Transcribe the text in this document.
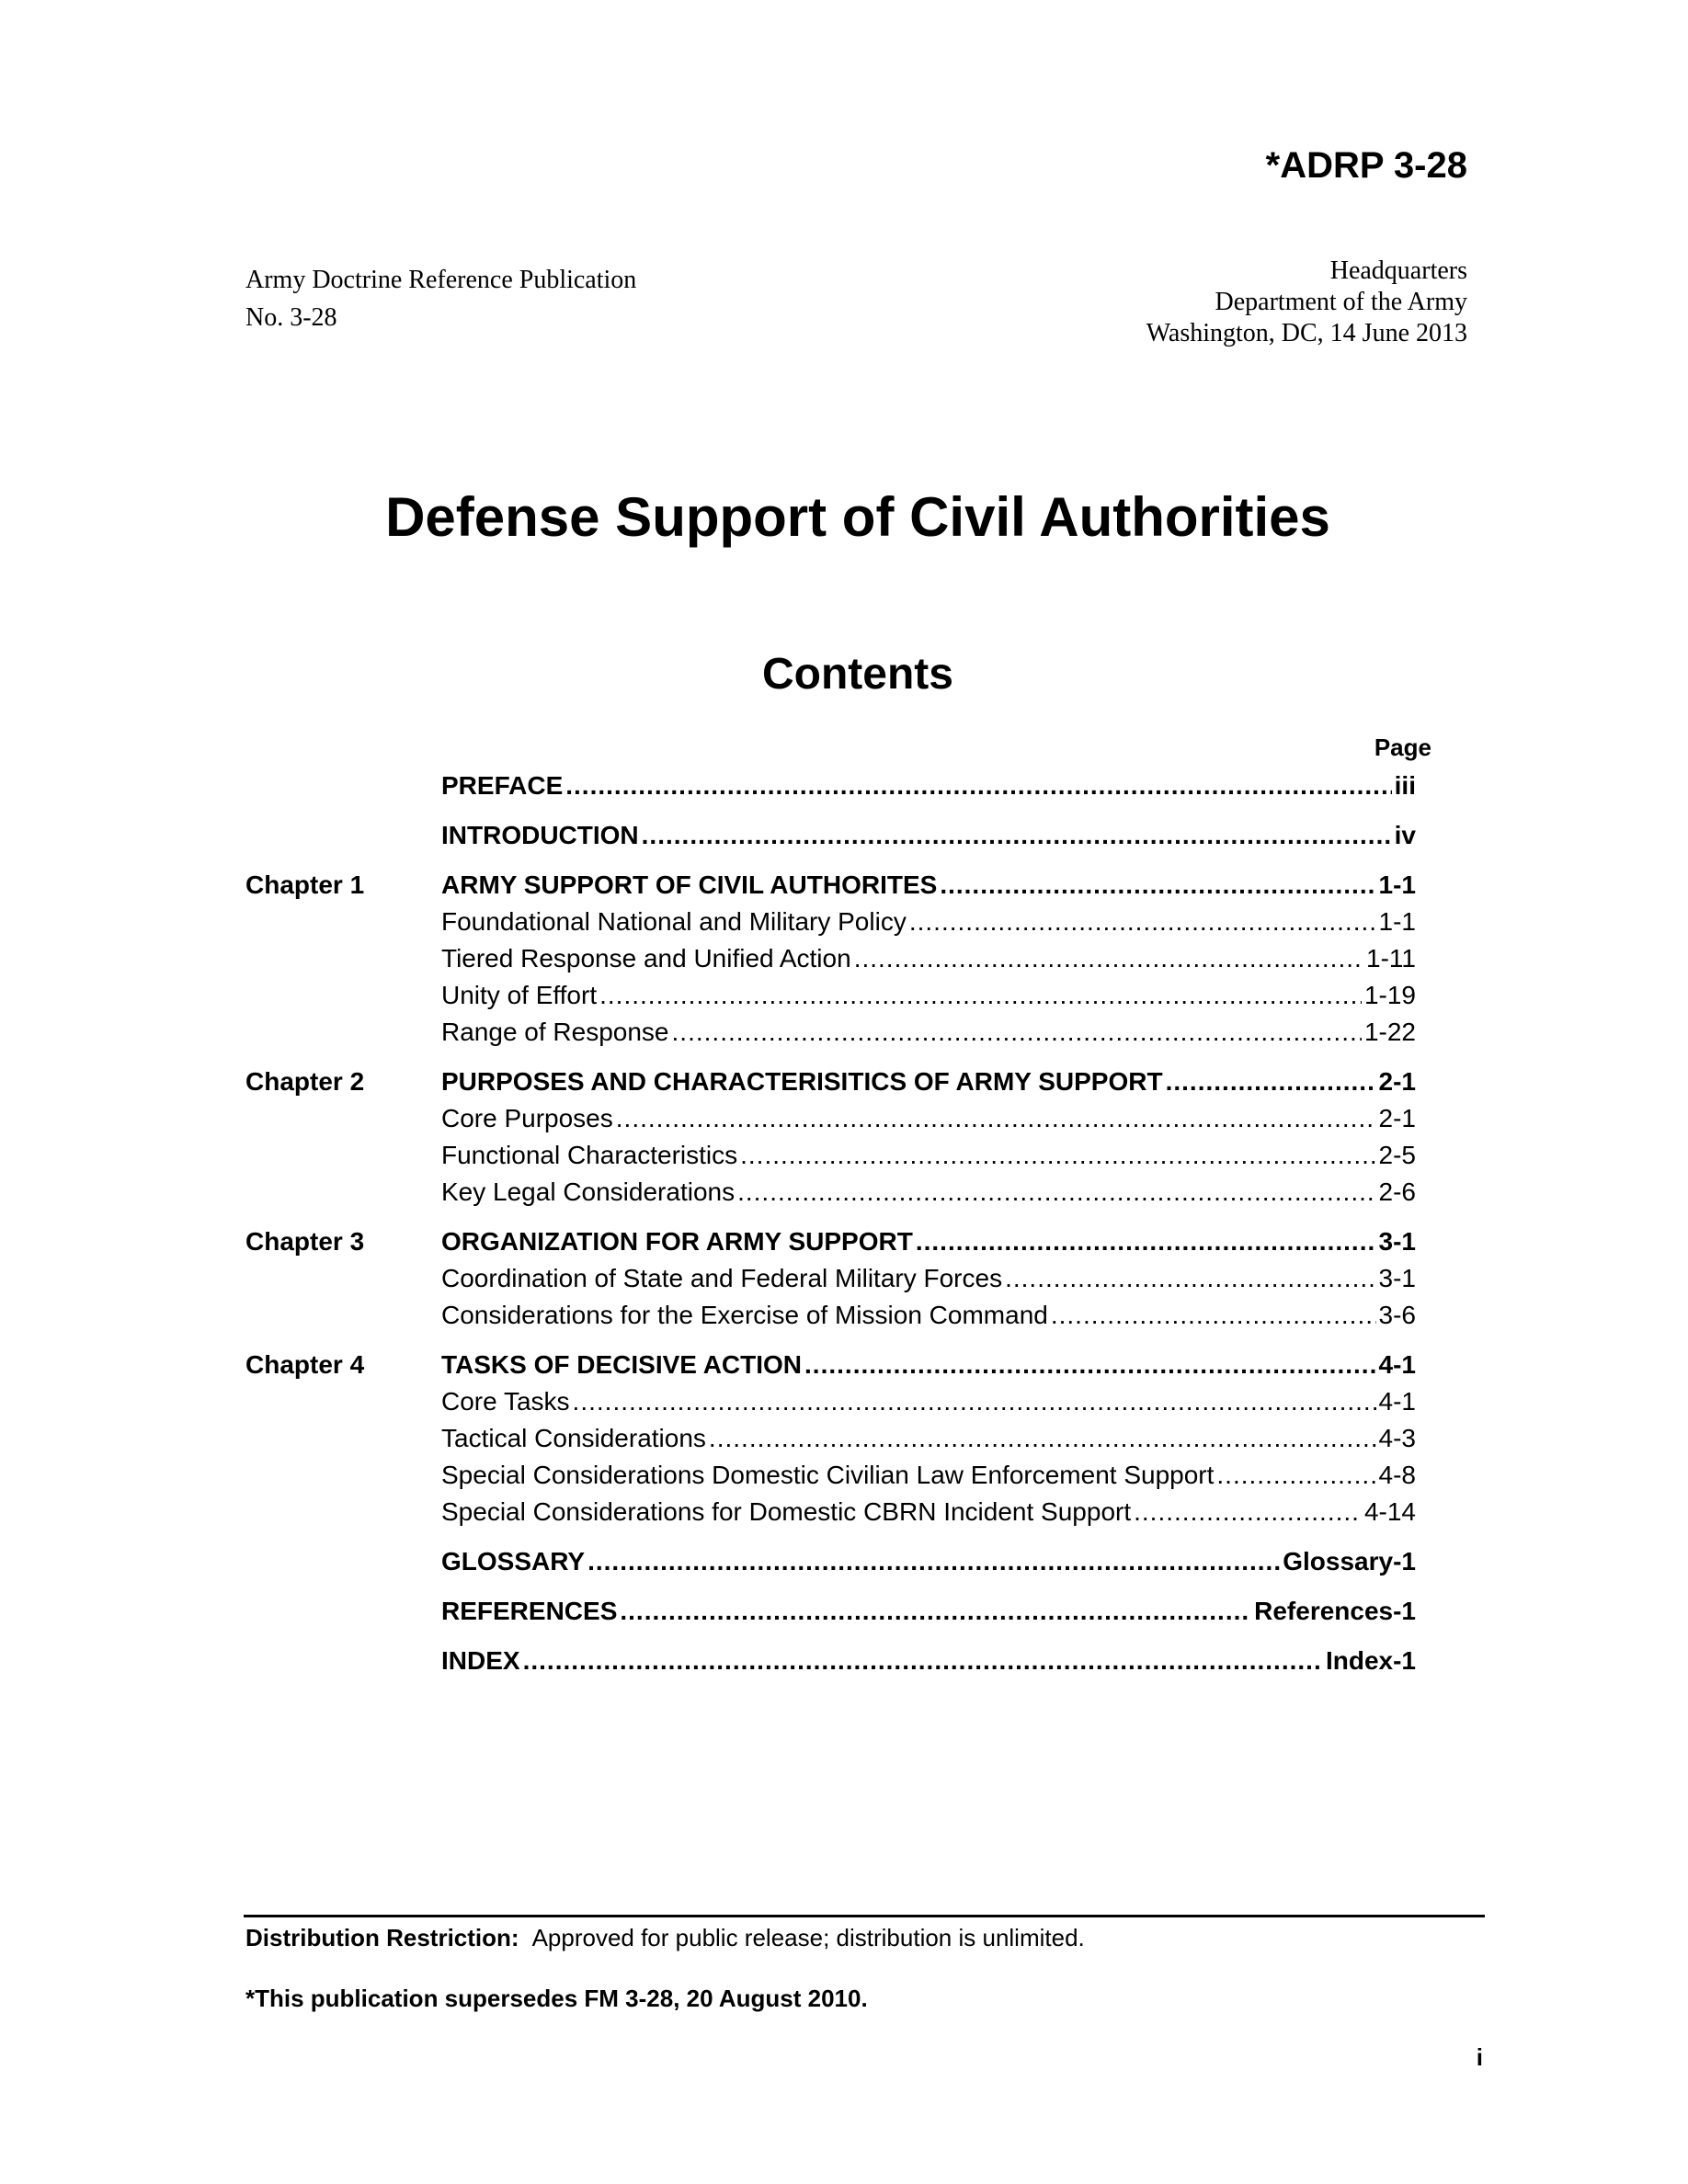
*ADRP 3-28
Army Doctrine Reference Publication
No. 3-28
Headquarters
Department of the Army
Washington, DC, 14 June 2013
Defense Support of Civil Authorities
Contents
Page
PREFACE .....	iii
INTRODUCTION .....	iv
Chapter 1	ARMY SUPPORT OF CIVIL AUTHORITES .....	1-1
Foundational National and Military Policy .....	1-1
Tiered Response and Unified Action .....	1-11
Unity of Effort .....	1-19
Range of Response .....	1-22
Chapter 2	PURPOSES AND CHARACTERISITICS OF ARMY SUPPORT .....	2-1
Core Purposes .....	2-1
Functional Characteristics .....	2-5
Key Legal Considerations .....	2-6
Chapter 3	ORGANIZATION FOR ARMY SUPPORT .....	3-1
Coordination of State and Federal Military Forces .....	3-1
Considerations for the Exercise of Mission Command .....	3-6
Chapter 4	TASKS OF DECISIVE ACTION .....	4-1
Core Tasks .....	4-1
Tactical Considerations .....	4-3
Special Considerations Domestic Civilian Law Enforcement Support .....	4-8
Special Considerations for Domestic CBRN Incident Support .....	4-14
GLOSSARY .....	Glossary-1
REFERENCES .....	References-1
INDEX .....	Index-1
Distribution Restriction: Approved for public release; distribution is unlimited.

*This publication supersedes FM 3-28, 20 August 2010.

i
